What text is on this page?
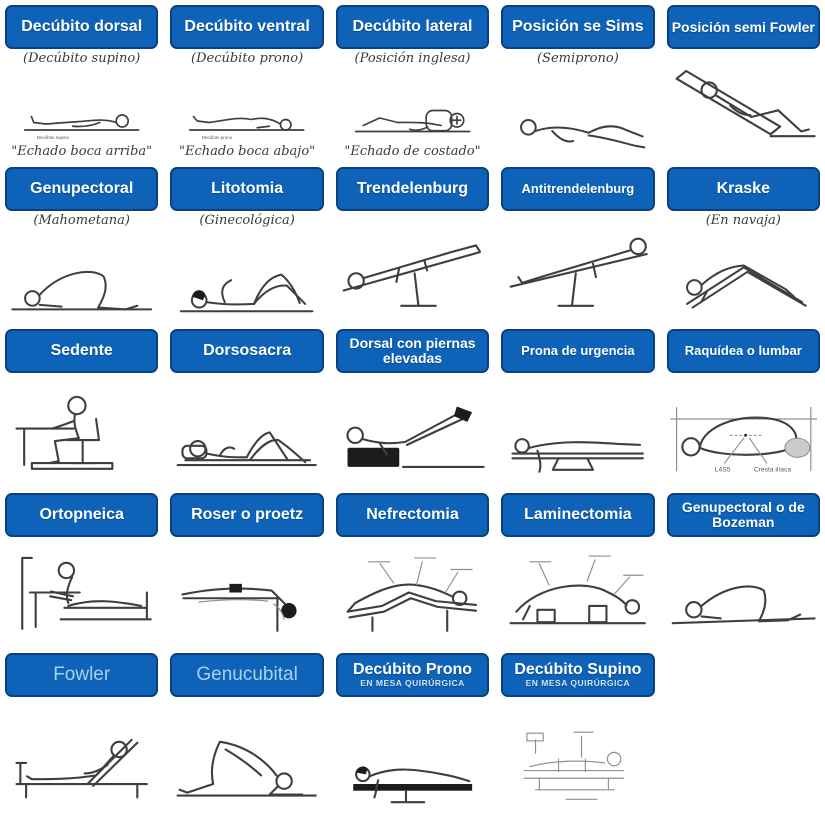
Decúbito dorsal
(Decúbito supino)
Decúbito supino
"Echado boca arriba"
Decúbito ventral
(Decúbito prono)
Decúbito prono
"Echado boca abajo"
Decúbito lateral
(Posición inglesa)
"Echado de costado"
Posición se Sims
(Semiprono)
Posición semi Fowler
Genupectoral
(Mahometana)
Litotomia
(Ginecológica)
Trendelenburg	Antitrendelenburg	Kraske
(En navaja)
Sedente	Dorsosacra	Dorsal con piernas elevadas	Prona de urgencia	Raquídea o lumbar
L4S5	Cresta ilíaca
Ortopneica	Roser o proetz	Nefrectomia	Laminectomia	Genupectoral o de Bozeman
Fowler	Genucubital	Decúbito Prono
EN MESA QUIRÚRGICA
Decúbito Supino
EN MESA QUIRÚRGICA
